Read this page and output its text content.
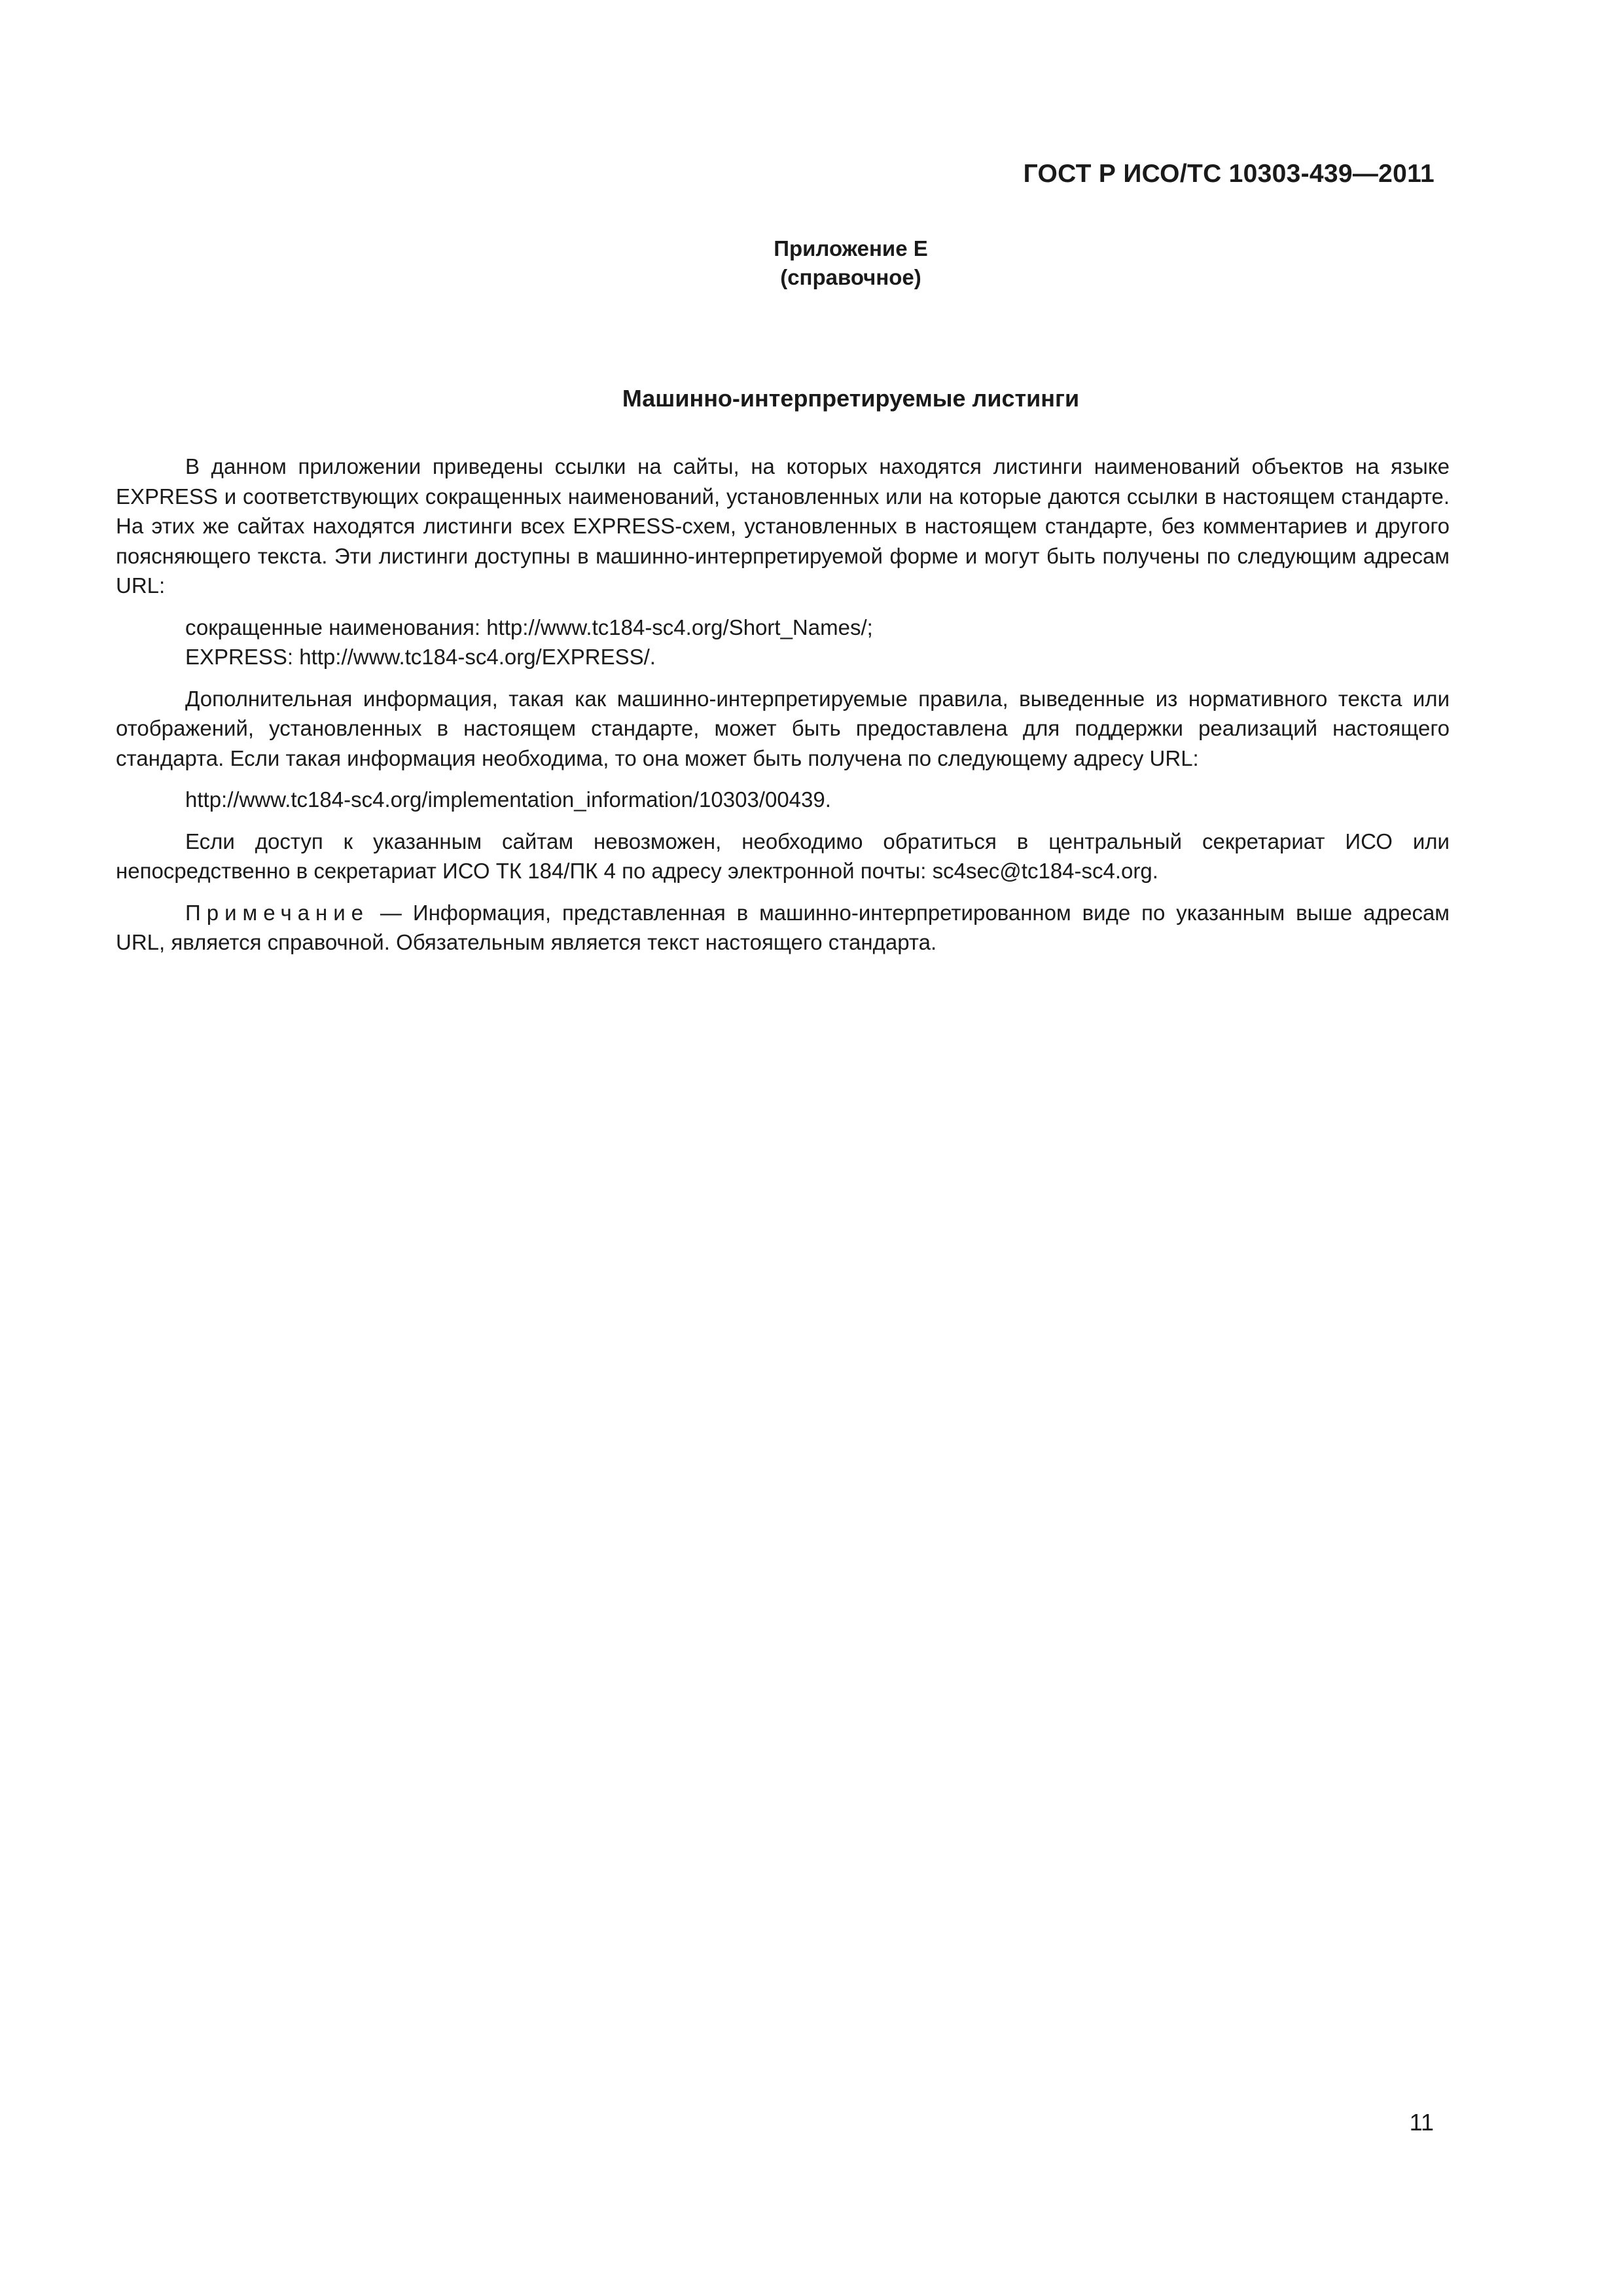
ГОСТ Р ИСО/ТС 10303-439—2011
Приложение Е
(справочное)
Машинно-интерпретируемые листинги

В данном приложении приведены ссылки на сайты, на которых находятся листинги наименований объектов на языке EXPRESS и соответствующих сокращенных наименований, установленных или на которые даются ссылки в настоящем стандарте. На этих же сайтах находятся листинги всех EXPRESS-схем, установленных в настоящем стандарте, без комментариев и другого поясняющего текста. Эти листинги доступны в машинно-интерпретируемой форме и могут быть получены по следующим адресам URL:

сокращенные наименования: http://www.tc184-sc4.org/Short_Names/;

EXPRESS: http://www.tc184-sc4.org/EXPRESS/.

Дополнительная информация, такая как машинно-интерпретируемые правила, выведенные из нормативного текста или отображений, установленных в настоящем стандарте, может быть предоставлена для поддержки реализаций настоящего стандарта. Если такая информация необходима, то она может быть получена по следующему адресу URL:

http://www.tc184-sc4.org/implementation_information/10303/00439.

Если доступ к указанным сайтам невозможен, необходимо обратиться в центральный секретариат ИСО или непосредственно в секретариат ИСО ТК 184/ПК 4 по адресу электронной почты: sc4sec@tc184-sc4.org.

Примечание — Информация, представленная в машинно-интерпретированном виде по указанным выше адресам URL, является справочной. Обязательным является текст настоящего стандарта.

11
